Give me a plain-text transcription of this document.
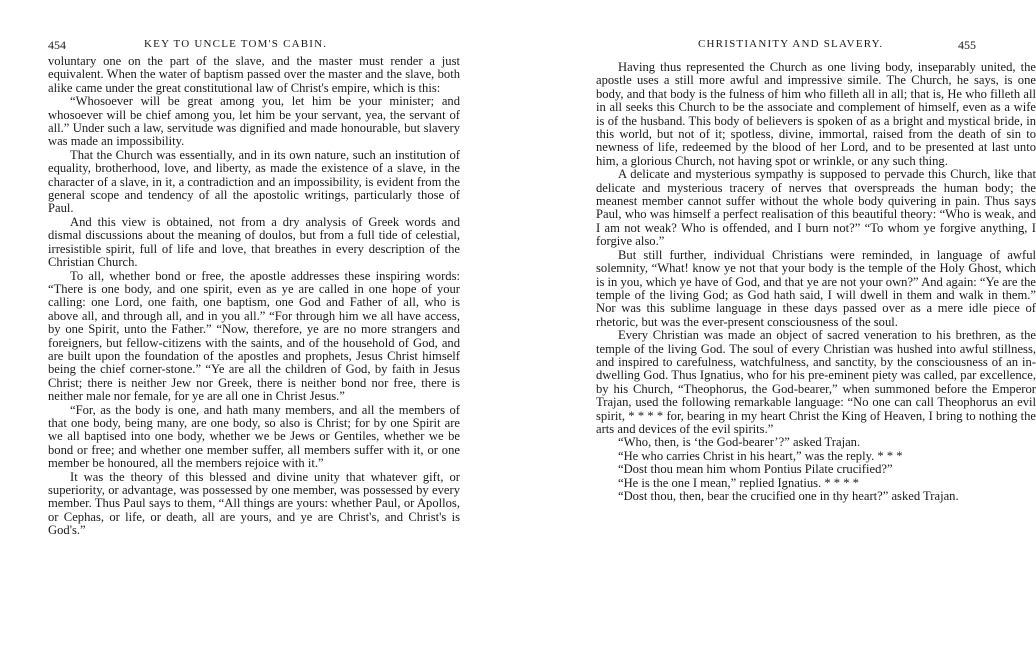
454	KEY TO UNCLE TOM'S CABIN.

voluntary one on the part of the slave, and the master must render a just equivalent. When the water of baptism passed over the master and the slave, both alike came under the great constitutional law of Christ's empire, which is this:

“Whosoever will be great among you, let him be your minister; and whosoever will be chief among you, let him be your servant, yea, the servant of all.” Under such a law, servitude was dignified and made honourable, but slavery was made an impossibility.

That the Church was essentially, and in its own nature, such an institution of equality, brotherhood, love, and liberty, as made the existence of a slave, in the character of a slave, in it, a contradiction and an impossibility, is evident from the general scope and tendency of all the apostolic writings, particularly those of Paul.

And this view is obtained, not from a dry analysis of Greek words and dismal discussions about the meaning of doulos, but from a full tide of celestial, irresistible spirit, full of life and love, that breathes in every description of the Christian Church.

To all, whether bond or free, the apostle addresses these inspiring words: “There is one body, and one spirit, even as ye are called in one hope of your calling: one Lord, one faith, one baptism, one God and Father of all, who is above all, and through all, and in you all.” “For through him we all have access, by one Spirit, unto the Father.” “Now, therefore, ye are no more strangers and foreigners, but fellow-citizens with the saints, and of the household of God, and are built upon the foundation of the apostles and prophets, Jesus Christ himself being the chief corner-stone.” “Ye are all the children of God, by faith in Jesus Christ; there is neither Jew nor Greek, there is neither bond nor free, there is neither male nor female, for ye are all one in Christ Jesus.”

“For, as the body is one, and hath many members, and all the members of that one body, being many, are one body, so also is Christ; for by one Spirit are we all baptised into one body, whether we be Jews or Gentiles, whether we be bond or free; and whether one member suffer, all members suffer with it, or one member be honoured, all the members rejoice with it.”

It was the theory of this blessed and divine unity that whatever gift, or superiority, or advantage, was possessed by one member, was possessed by every member. Thus Paul says to them, “All things are yours: whether Paul, or Apollos, or Cephas, or life, or death, all are yours, and ye are Christ's, and Christ's is God's.”

CHRISTIANITY AND SLAVERY.	455

Having thus represented the Church as one living body, inseparably united, the apostle uses a still more awful and impressive simile. The Church, he says, is one body, and that body is the fulness of him who filleth all in all; that is, He who filleth all in all seeks this Church to be the associate and complement of himself, even as a wife is of the husband. This body of believers is spoken of as a bright and mystical bride, in this world, but not of it; spotless, divine, immortal, raised from the death of sin to newness of life, redeemed by the blood of her Lord, and to be presented at last unto him, a glorious Church, not having spot or wrinkle, or any such thing.

A delicate and mysterious sympathy is supposed to pervade this Church, like that delicate and mysterious tracery of nerves that overspreads the human body; the meanest member cannot suffer without the whole body quivering in pain. Thus says Paul, who was himself a perfect realisation of this beautiful theory: “Who is weak, and I am not weak? Who is offended, and I burn not?” “To whom ye forgive anything, I forgive also.”

But still further, individual Christians were reminded, in language of awful solemnity, “What! know ye not that your body is the temple of the Holy Ghost, which is in you, which ye have of God, and that ye are not your own?” And again: “Ye are the temple of the living God; as God hath said, I will dwell in them and walk in them.” Nor was this sublime language in these days passed over as a mere idle piece of rhetoric, but was the ever-present consciousness of the soul.

Every Christian was made an object of sacred veneration to his brethren, as the temple of the living God. The soul of every Christian was hushed into awful stillness, and inspired to carefulness, watchfulness, and sanctity, by the consciousness of an in-dwelling God. Thus Ignatius, who for his pre-eminent piety was called, par excellence, by his Church, “Theophorus, the God-bearer,” when summoned before the Emperor Trajan, used the following remarkable language: “No one can call Theophorus an evil spirit, * * * * for, bearing in my heart Christ the King of Heaven, I bring to nothing the arts and devices of the evil spirits.”

“Who, then, is ‘the God-bearer’?” asked Trajan.

“He who carries Christ in his heart,” was the reply. * * *

“Dost thou mean him whom Pontius Pilate crucified?”

“He is the one I mean,” replied Ignatius. * * * *

“Dost thou, then, bear the crucified one in thy heart?” asked Trajan.
